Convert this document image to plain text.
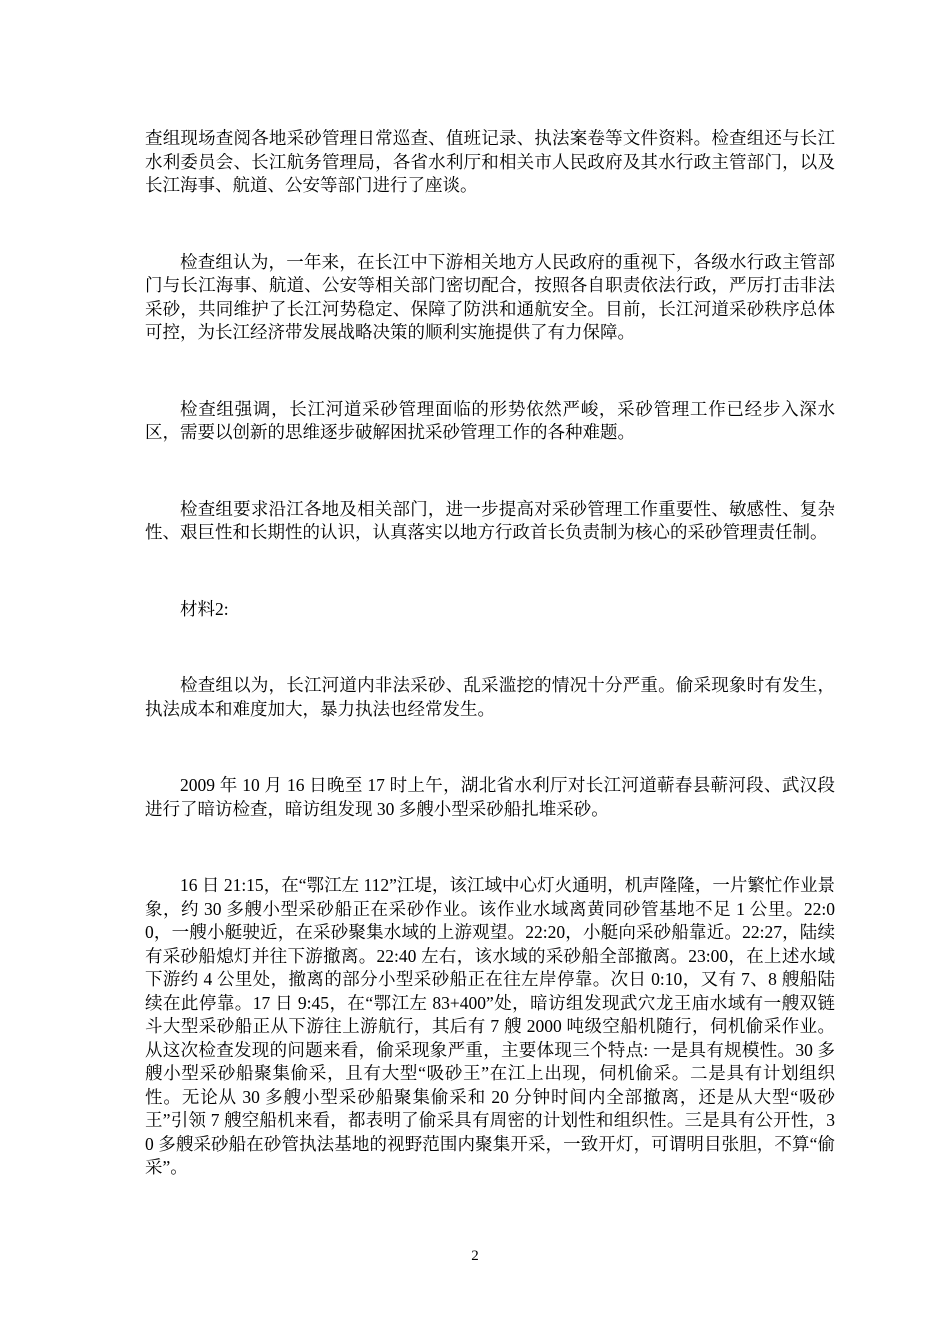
查组现场查阅各地采砂管理日常巡查、值班记录、执法案卷等文件资料。检查组还与长江水利委员会、长江航务管理局，各省水利厅和相关市人民政府及其水行政主管部门，以及长江海事、航道、公安等部门进行了座谈。

检查组认为，一年来，在长江中下游相关地方人民政府的重视下，各级水行政主管部门与长江海事、航道、公安等相关部门密切配合，按照各自职责依法行政，严厉打击非法采砂，共同维护了长江河势稳定、保障了防洪和通航安全。目前，长江河道采砂秩序总体可控，为长江经济带发展战略决策的顺利实施提供了有力保障。

检查组强调，长江河道采砂管理面临的形势依然严峻，采砂管理工作已经步入深水区，需要以创新的思维逐步破解困扰采砂管理工作的各种难题。

检查组要求沿江各地及相关部门，进一步提高对采砂管理工作重要性、敏感性、复杂性、艰巨性和长期性的认识，认真落实以地方行政首长负责制为核心的采砂管理责任制。

材料2:

检查组以为，长江河道内非法采砂、乱采滥挖的情况十分严重。偷采现象时有发生，执法成本和难度加大，暴力执法也经常发生。

2009 年 10 月 16 日晚至 17 时上午，湖北省水利厅对长江河道蕲春县蕲河段、武汉段进行了暗访检查，暗访组发现 30 多艘小型采砂船扎堆采砂。

16 日 21:15，在“鄂江左 112”江堤，该江域中心灯火通明，机声隆隆，一片繁忙作业景象，约 30 多艘小型采砂船正在采砂作业。该作业水域离黄同砂管基地不足 1 公里。22:00，一艘小艇驶近，在采砂聚集水域的上游观望。22:20，小艇向采砂船靠近。22:27，陆续有采砂船熄灯并往下游撤离。22:40 左右，该水域的采砂船全部撤离。23:00，在上述水域下游约 4 公里处，撤离的部分小型采砂船正在往左岸停靠。次日 0:10，又有 7、8 艘船陆续在此停靠。17 日 9:45，在“鄂江左 83+400”处，暗访组发现武穴龙王庙水域有一艘双链斗大型采砂船正从下游往上游航行，其后有 7 艘 2000 吨级空船机随行，伺机偷采作业。从这次检查发现的问题来看，偷采现象严重，主要体现三个特点: 一是具有规模性。30 多艘小型采砂船聚集偷采，且有大型“吸砂王”在江上出现，伺机偷采。二是具有计划组织性。无论从 30 多艘小型采砂船聚集偷采和 20 分钟时间内全部撤离，还是从大型“吸砂王”引领 7 艘空船机来看，都表明了偷采具有周密的计划性和组织性。三是具有公开性，30 多艘采砂船在砂管执法基地的视野范围内聚集开采，一致开灯，可谓明目张胆，不算“偷采”。

2
